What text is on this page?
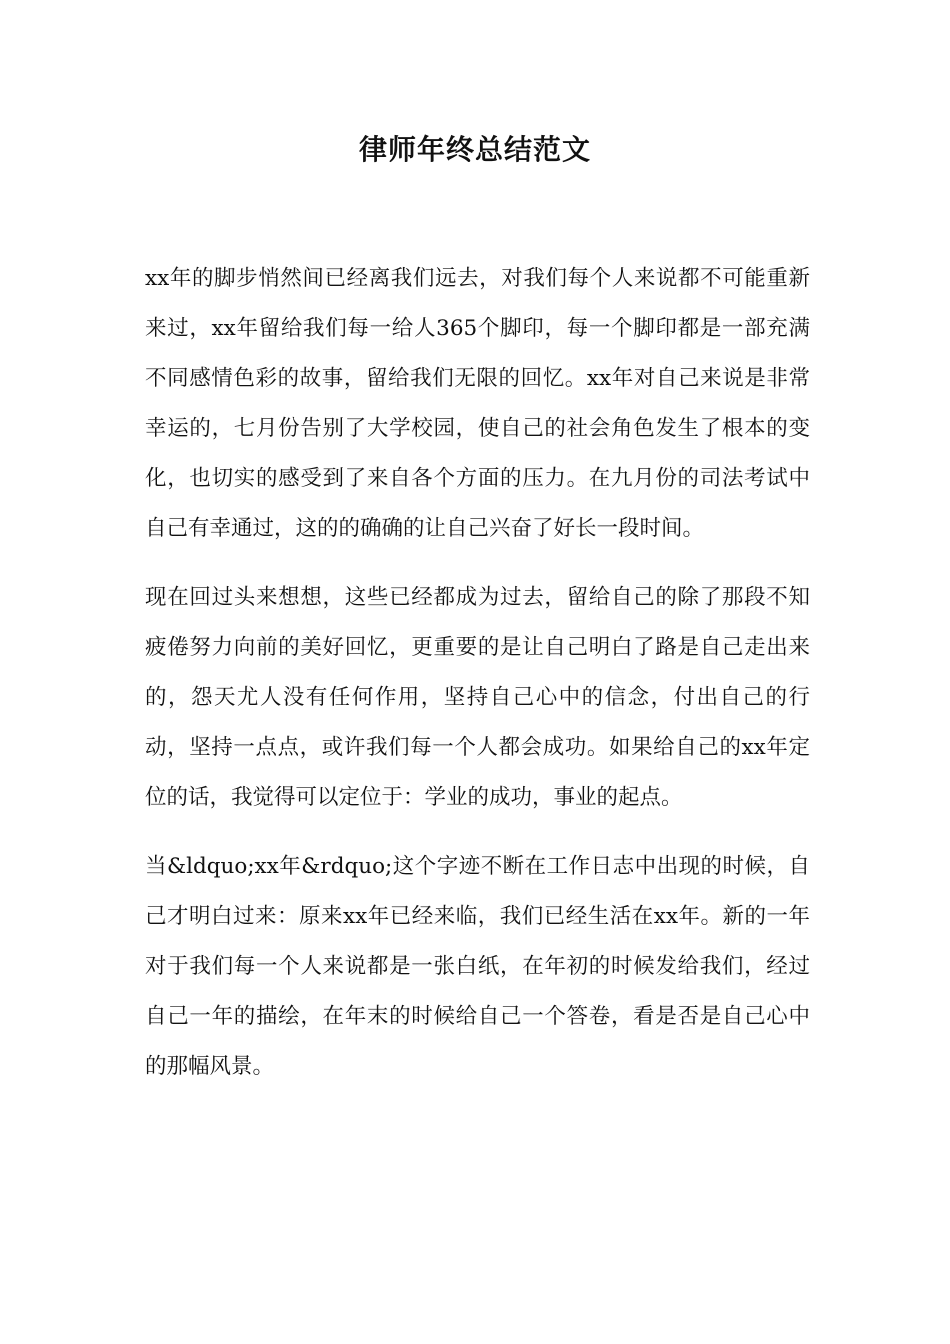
律师年终总结范文

xx年的脚步悄然间已经离我们远去，对我们每个人来说都不可能重新来过，xx年留给我们每一给人365个脚印，每一个脚印都是一部充满不同感情色彩的故事，留给我们无限的回忆。xx年对自己来说是非常幸运的，七月份告别了大学校园，使自己的社会角色发生了根本的变化，也切实的感受到了来自各个方面的压力。在九月份的司法考试中自己有幸通过，这的的确确的让自己兴奋了好长一段时间。

现在回过头来想想，这些已经都成为过去，留给自己的除了那段不知疲倦努力向前的美好回忆，更重要的是让自己明白了路是自己走出来的，怨天尤人没有任何作用，坚持自己心中的信念，付出自己的行动，坚持一点点，或许我们每一个人都会成功。如果给自己的xx年定位的话，我觉得可以定位于：学业的成功，事业的起点。

当&ldquo;xx年&rdquo;这个字迹不断在工作日志中出现的时候，自己才明白过来：原来xx年已经来临，我们已经生活在xx年。新的一年对于我们每一个人来说都是一张白纸，在年初的时候发给我们，经过自己一年的描绘，在年末的时候给自己一个答卷，看是否是自己心中的那幅风景。
